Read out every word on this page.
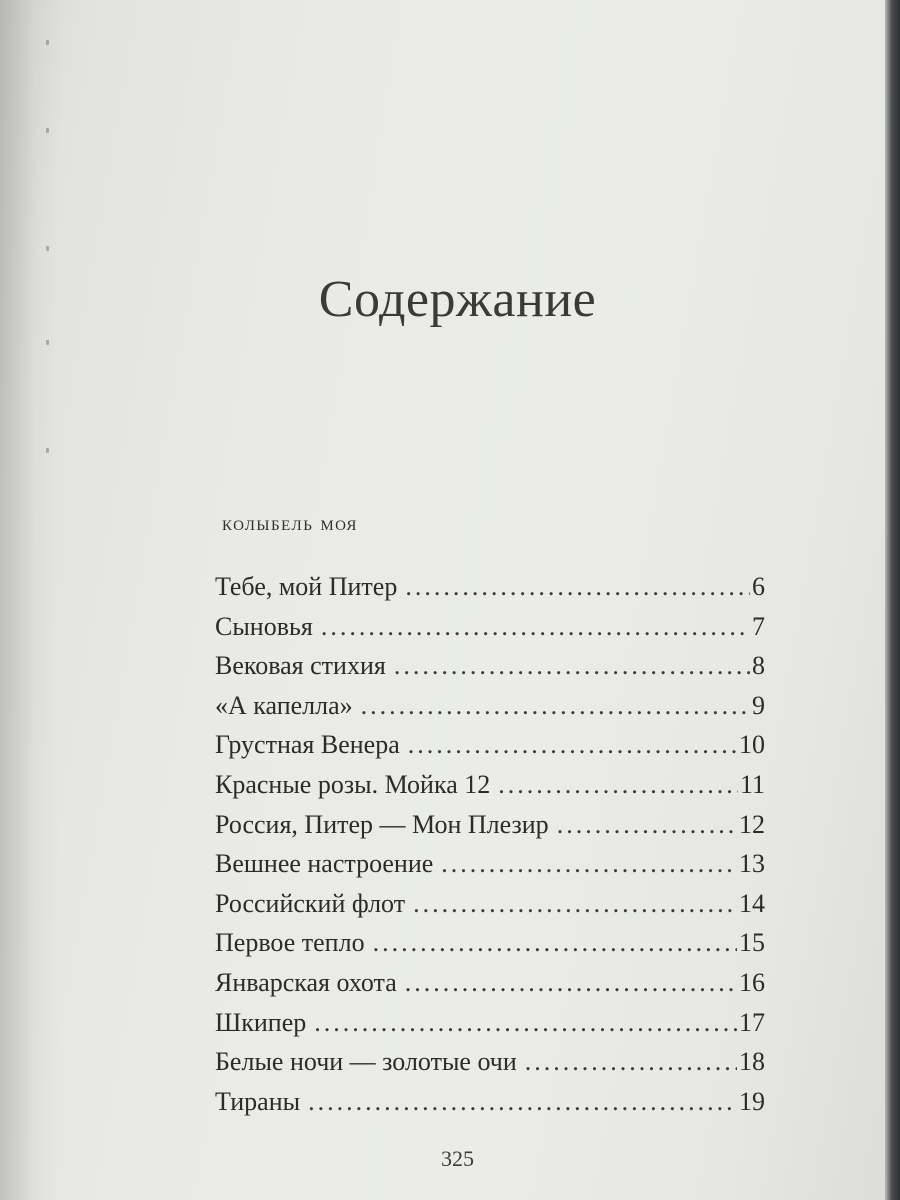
Содержание
колыбель моя
Тебе, мой Питер .....	6
Сыновья .....	7
Вековая стихия .....	8
«А капелла» .....	9
Грустная Венера .....	10
Красные розы. Мойка 12 .....	11
Россия, Питер — Мон Плезир .....	12
Вешнее настроение .....	13
Российский флот .....	14
Первое тепло .....	15
Январская охота .....	16
Шкипер .....	17
Белые ночи — золотые очи .....	18
Тираны .....	19

325
